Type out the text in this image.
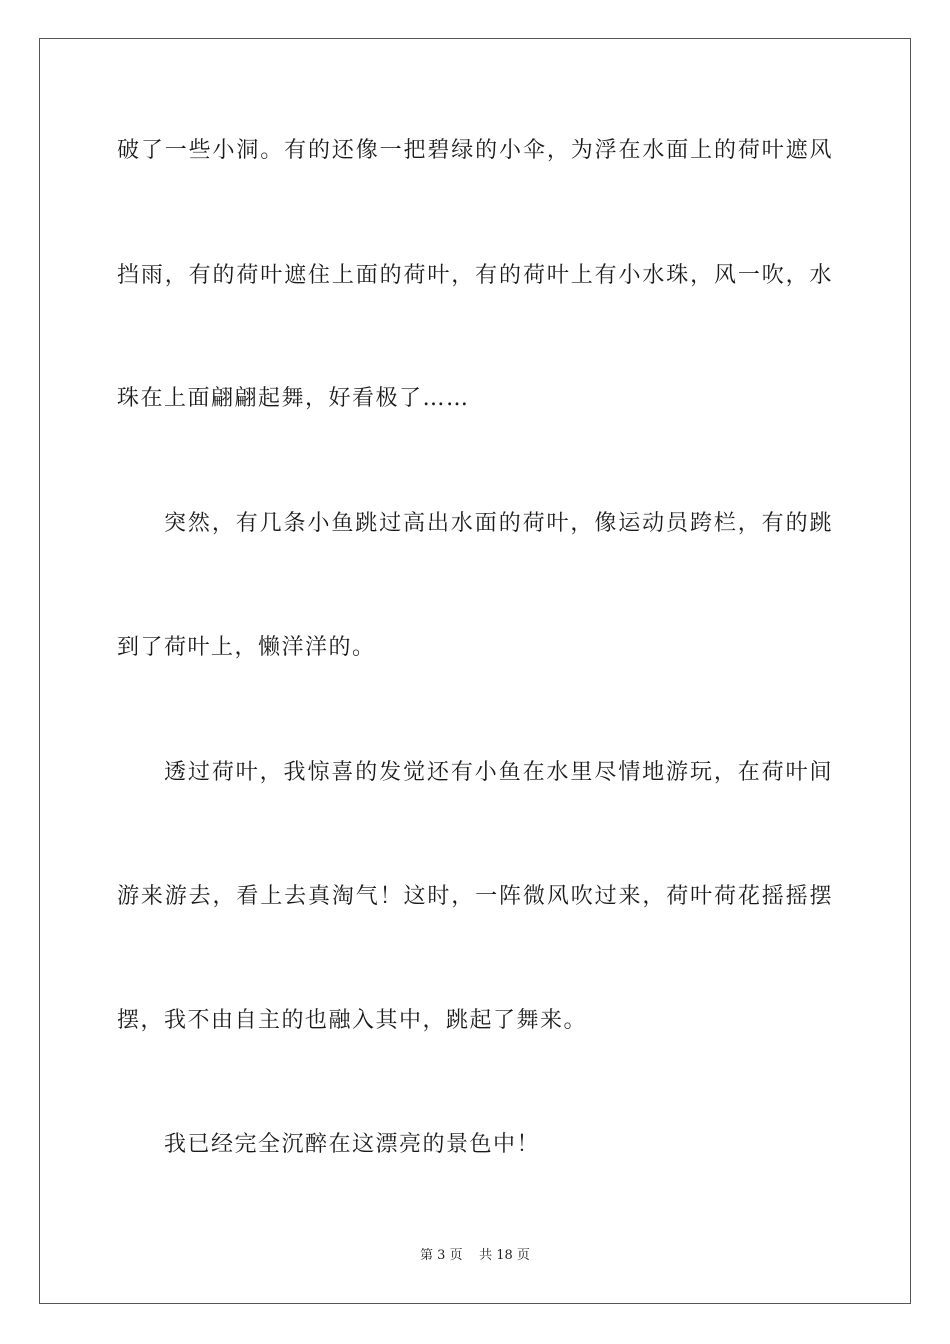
破了一些小洞。有的还像一把碧绿的小伞，为浮在水面上的荷叶遮风
挡雨，有的荷叶遮住上面的荷叶，有的荷叶上有小水珠，风一吹，水
珠在上面翩翩起舞，好看极了……
突然，有几条小鱼跳过高出水面的荷叶，像运动员跨栏，有的跳
到了荷叶上，懒洋洋的。
透过荷叶，我惊喜的发觉还有小鱼在水里尽情地游玩，在荷叶间
游来游去，看上去真淘气！这时，一阵微风吹过来，荷叶荷花摇摇摆
摆，我不由自主的也融入其中，跳起了舞来。
我已经完全沉醉在这漂亮的景色中！
第 3 页 共 18 页
